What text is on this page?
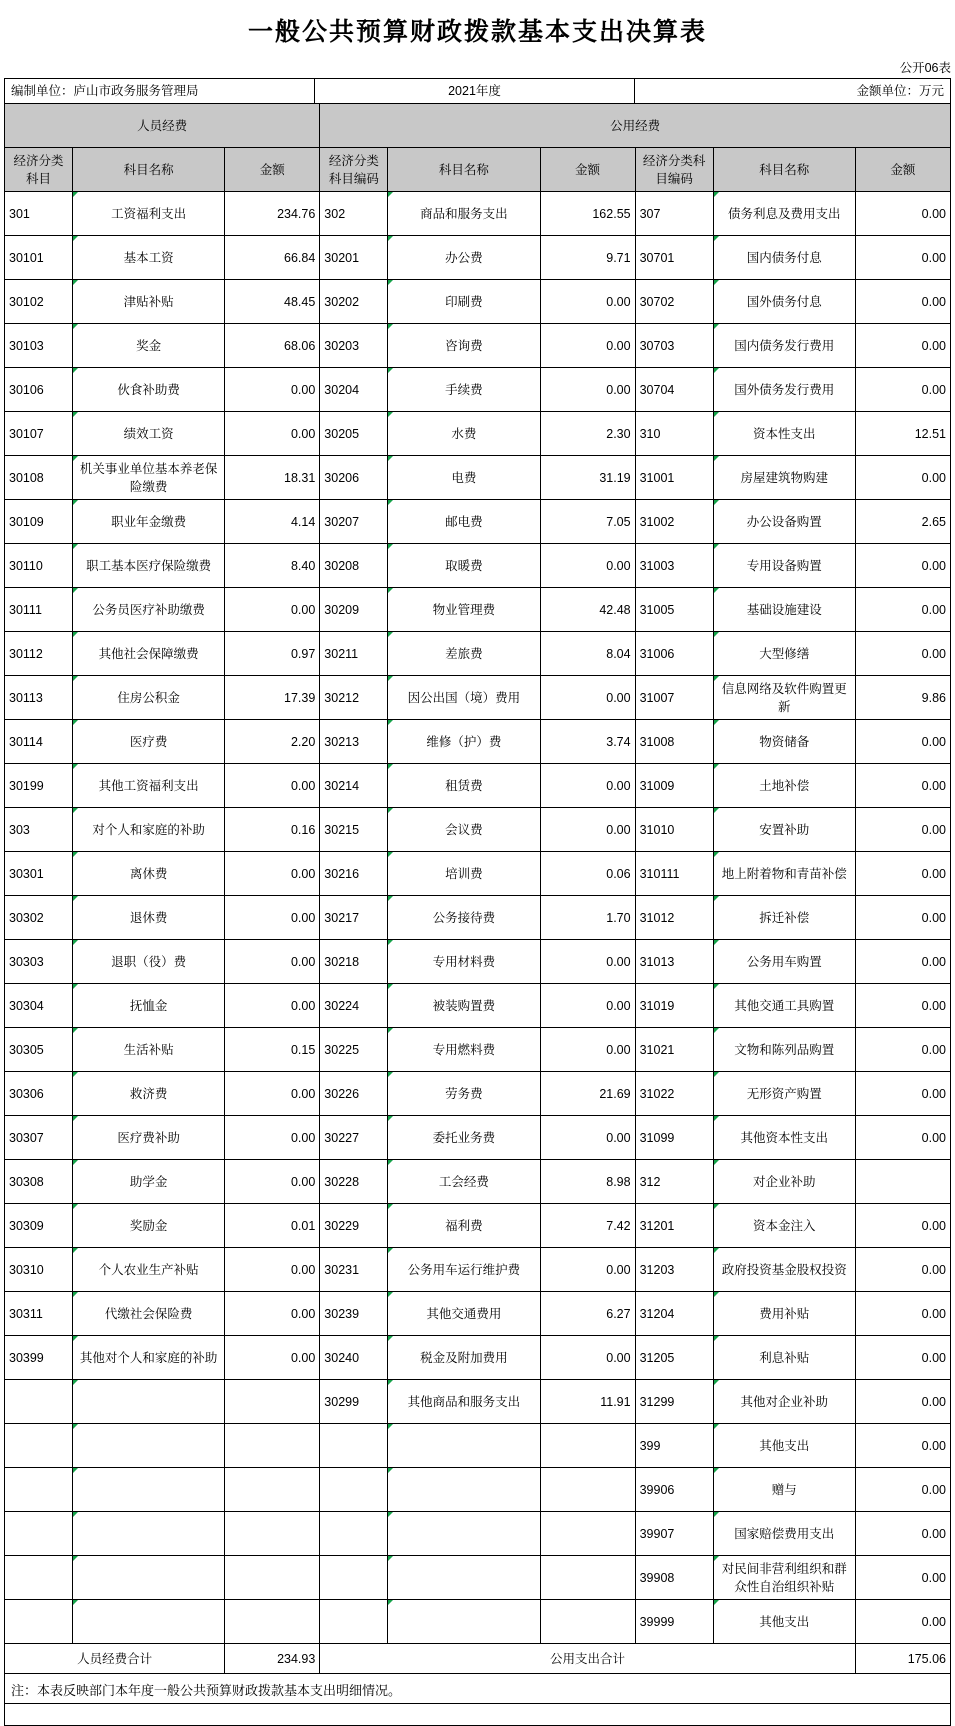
一般公共预算财政拨款基本支出决算表
公开06表
编制单位：庐山市政务服务管理局	2021年度	金额单位：万元
人员经费			公用经费					

经济分类科目	科目名称	金额	经济分类科目编码	科目名称	金额	经济分类科目编码	科目名称	金额

301	工资福利支出	234.76	302	商品和服务支出	162.55	307	债务利息及费用支出	0.00

30101	基本工资	66.84	30201	办公费	9.71	30701	国内债务付息	0.00

30102	津贴补贴	48.45	30202	印刷费	0.00	30702	国外债务付息	0.00

30103	奖金	68.06	30203	咨询费	0.00	30703	国内债务发行费用	0.00

30106	伙食补助费	0.00	30204	手续费	0.00	30704	国外债务发行费用	0.00

30107	绩效工资	0.00	30205	水费	2.30	310	资本性支出	12.51

30108	机关事业单位基本养老保险缴费	18.31	30206	电费	31.19	31001	房屋建筑物购建	0.00

30109	职业年金缴费	4.14	30207	邮电费	7.05	31002	办公设备购置	2.65

30110	职工基本医疗保险缴费	8.40	30208	取暖费	0.00	31003	专用设备购置	0.00

30111	公务员医疗补助缴费	0.00	30209	物业管理费	42.48	31005	基础设施建设	0.00

30112	其他社会保障缴费	0.97	30211	差旅费	8.04	31006	大型修缮	0.00

30113	住房公积金	17.39	30212	因公出国（境）费用	0.00	31007	信息网络及软件购置更新	9.86

30114	医疗费	2.20	30213	维修（护）费	3.74	31008	物资储备	0.00

30199	其他工资福利支出	0.00	30214	租赁费	0.00	31009	土地补偿	0.00

303	对个人和家庭的补助	0.16	30215	会议费	0.00	31010	安置补助	0.00

30301	离休费	0.00	30216	培训费	0.06	310111	地上附着物和青苗补偿	0.00

30302	退休费	0.00	30217	公务接待费	1.70	31012	拆迁补偿	0.00

30303	退职（役）费	0.00	30218	专用材料费	0.00	31013	公务用车购置	0.00

30304	抚恤金	0.00	30224	被装购置费	0.00	31019	其他交通工具购置	0.00

30305	生活补贴	0.15	30225	专用燃料费	0.00	31021	文物和陈列品购置	0.00

30306	救济费	0.00	30226	劳务费	21.69	31022	无形资产购置	0.00

30307	医疗费补助	0.00	30227	委托业务费	0.00	31099	其他资本性支出	0.00

30308	助学金	0.00	30228	工会经费	8.98	312	对企业补助	

30309	奖励金	0.01	30229	福利费	7.42	31201	资本金注入	0.00

30310	个人农业生产补贴	0.00	30231	公务用车运行维护费	0.00	31203	政府投资基金股权投资	0.00

30311	代缴社会保险费	0.00	30239	其他交通费用	6.27	31204	费用补贴	0.00

30399	其他对个人和家庭的补助	0.00	30240	税金及附加费用	0.00	31205	利息补贴	0.00

			30299	其他商品和服务支出	11.91	31299	其他对企业补助	0.00

						399	其他支出	0.00

						39906	赠与	0.00

						39907	国家赔偿费用支出	0.00

						39908	对民间非营利组织和群众性自治组织补贴	0.00

						39999	其他支出	0.00

人员经费合计		234.93	公用支出合计					175.06
注：本表反映部门本年度一般公共预算财政拨款基本支出明细情况。
